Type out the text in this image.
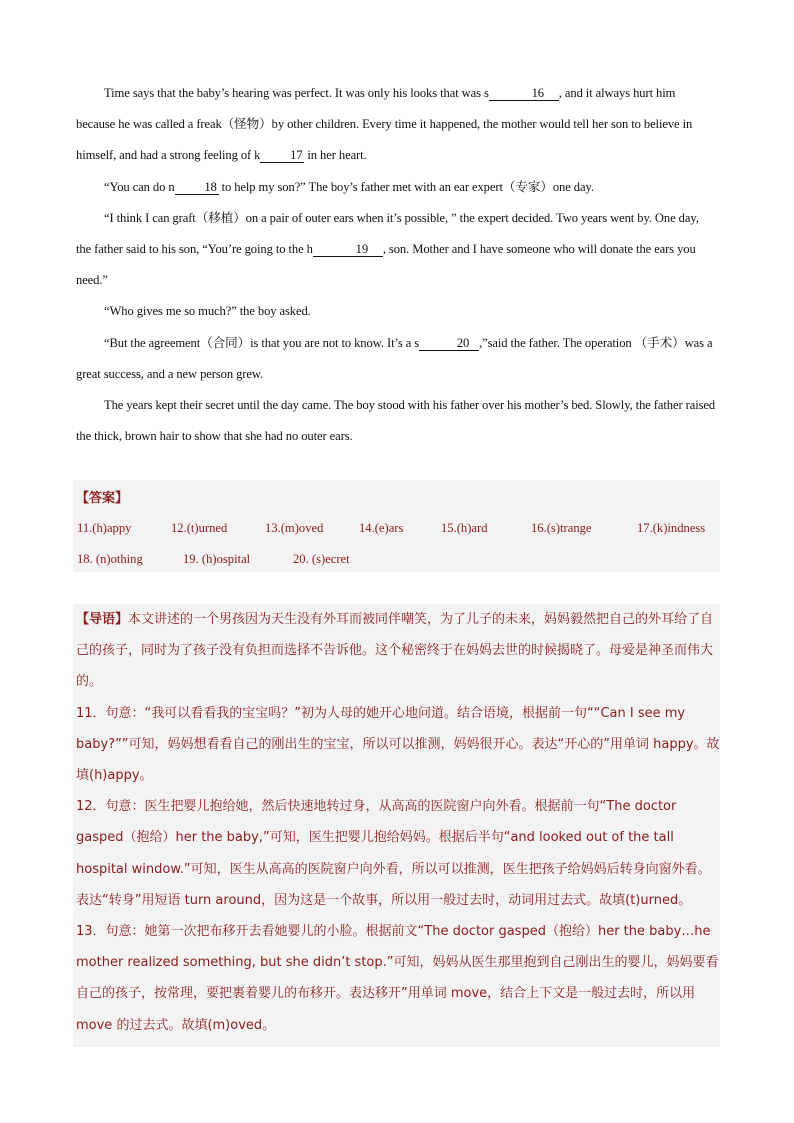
Time says that the baby’s hearing was perfect. It was only his looks that was s	16 , and it always hurt him because he was called a freak（怪物）by other children. Every time it happened, the mother would tell her son to believe in himself, and had a strong feeling of k 17 in her heart.

“You can do n 18 to help my son?” The boy’s father met with an ear expert（专家）one day.

“I think I can graft（移植）on a pair of outer ears when it’s possible, ” the expert decided. Two years went by. One day, the father said to his son, “You’re going to the h	19 , son. Mother and I have someone who will donate the ears you need.”

“Who gives me so much?” the boy asked.

“But the agreement（合同）is that you are not to know. It’s a s	20 ,”said the father. The operation （手术）was a great success, and a new person grew.

The years kept their secret until the day came. The boy stood with his father over his mother’s bed. Slowly, the father raised the thick, brown hair to show that she had no outer ears.

【答案】
11.(h)appy	12.(t)urned	13.(m)oved	14.(e)ars	15.(h)ard	16.(s)trange	17.(k)indness
18. (n)othing	19. (h)ospital	20. (s)ecret

【导语】本文讲述的一个男孩因为天生没有外耳而被同伴嘲笑，为了儿子的未来，妈妈毅然把自己的外耳给了自己的孩子，同时为了孩子没有负担而选择不告诉他。这个秘密终于在妈妈去世的时候揭晓了。母爱是神圣而伟大的。

11．句意：“我可以看看我的宝宝吗？”初为人母的她开心地问道。结合语境，根据前一句““Can I see my baby?””可知，妈妈想看看自己的刚出生的宝宝，所以可以推测，妈妈很开心。表达“开心的”用单词 happy。故填(h)appy。

12．句意：医生把婴儿抱给她，然后快速地转过身，从高高的医院窗户向外看。根据前一句“The doctor gasped（抱给）her the baby,”可知，医生把婴儿抱给妈妈。根据后半句“and looked out of the tall hospital window.”可知，医生从高高的医院窗户向外看，所以可以推测，医生把孩子给妈妈后转身向窗外看。表达“转身”用短语 turn around，因为这是一个故事，所以用一般过去时，动词用过去式。故填(t)urned。

13．句意：她第一次把布移开去看她婴儿的小脸。根据前文“The doctor gasped（抱给）her the baby…he mother realized something, but she didn’t stop.”可知，妈妈从医生那里抱到自己刚出生的婴儿，妈妈要看自己的孩子，按常理，要把裹着婴儿的布移开。表达移开”用单词 move，结合上下文是一般过去时，所以用 move 的过去式。故填(m)oved。
